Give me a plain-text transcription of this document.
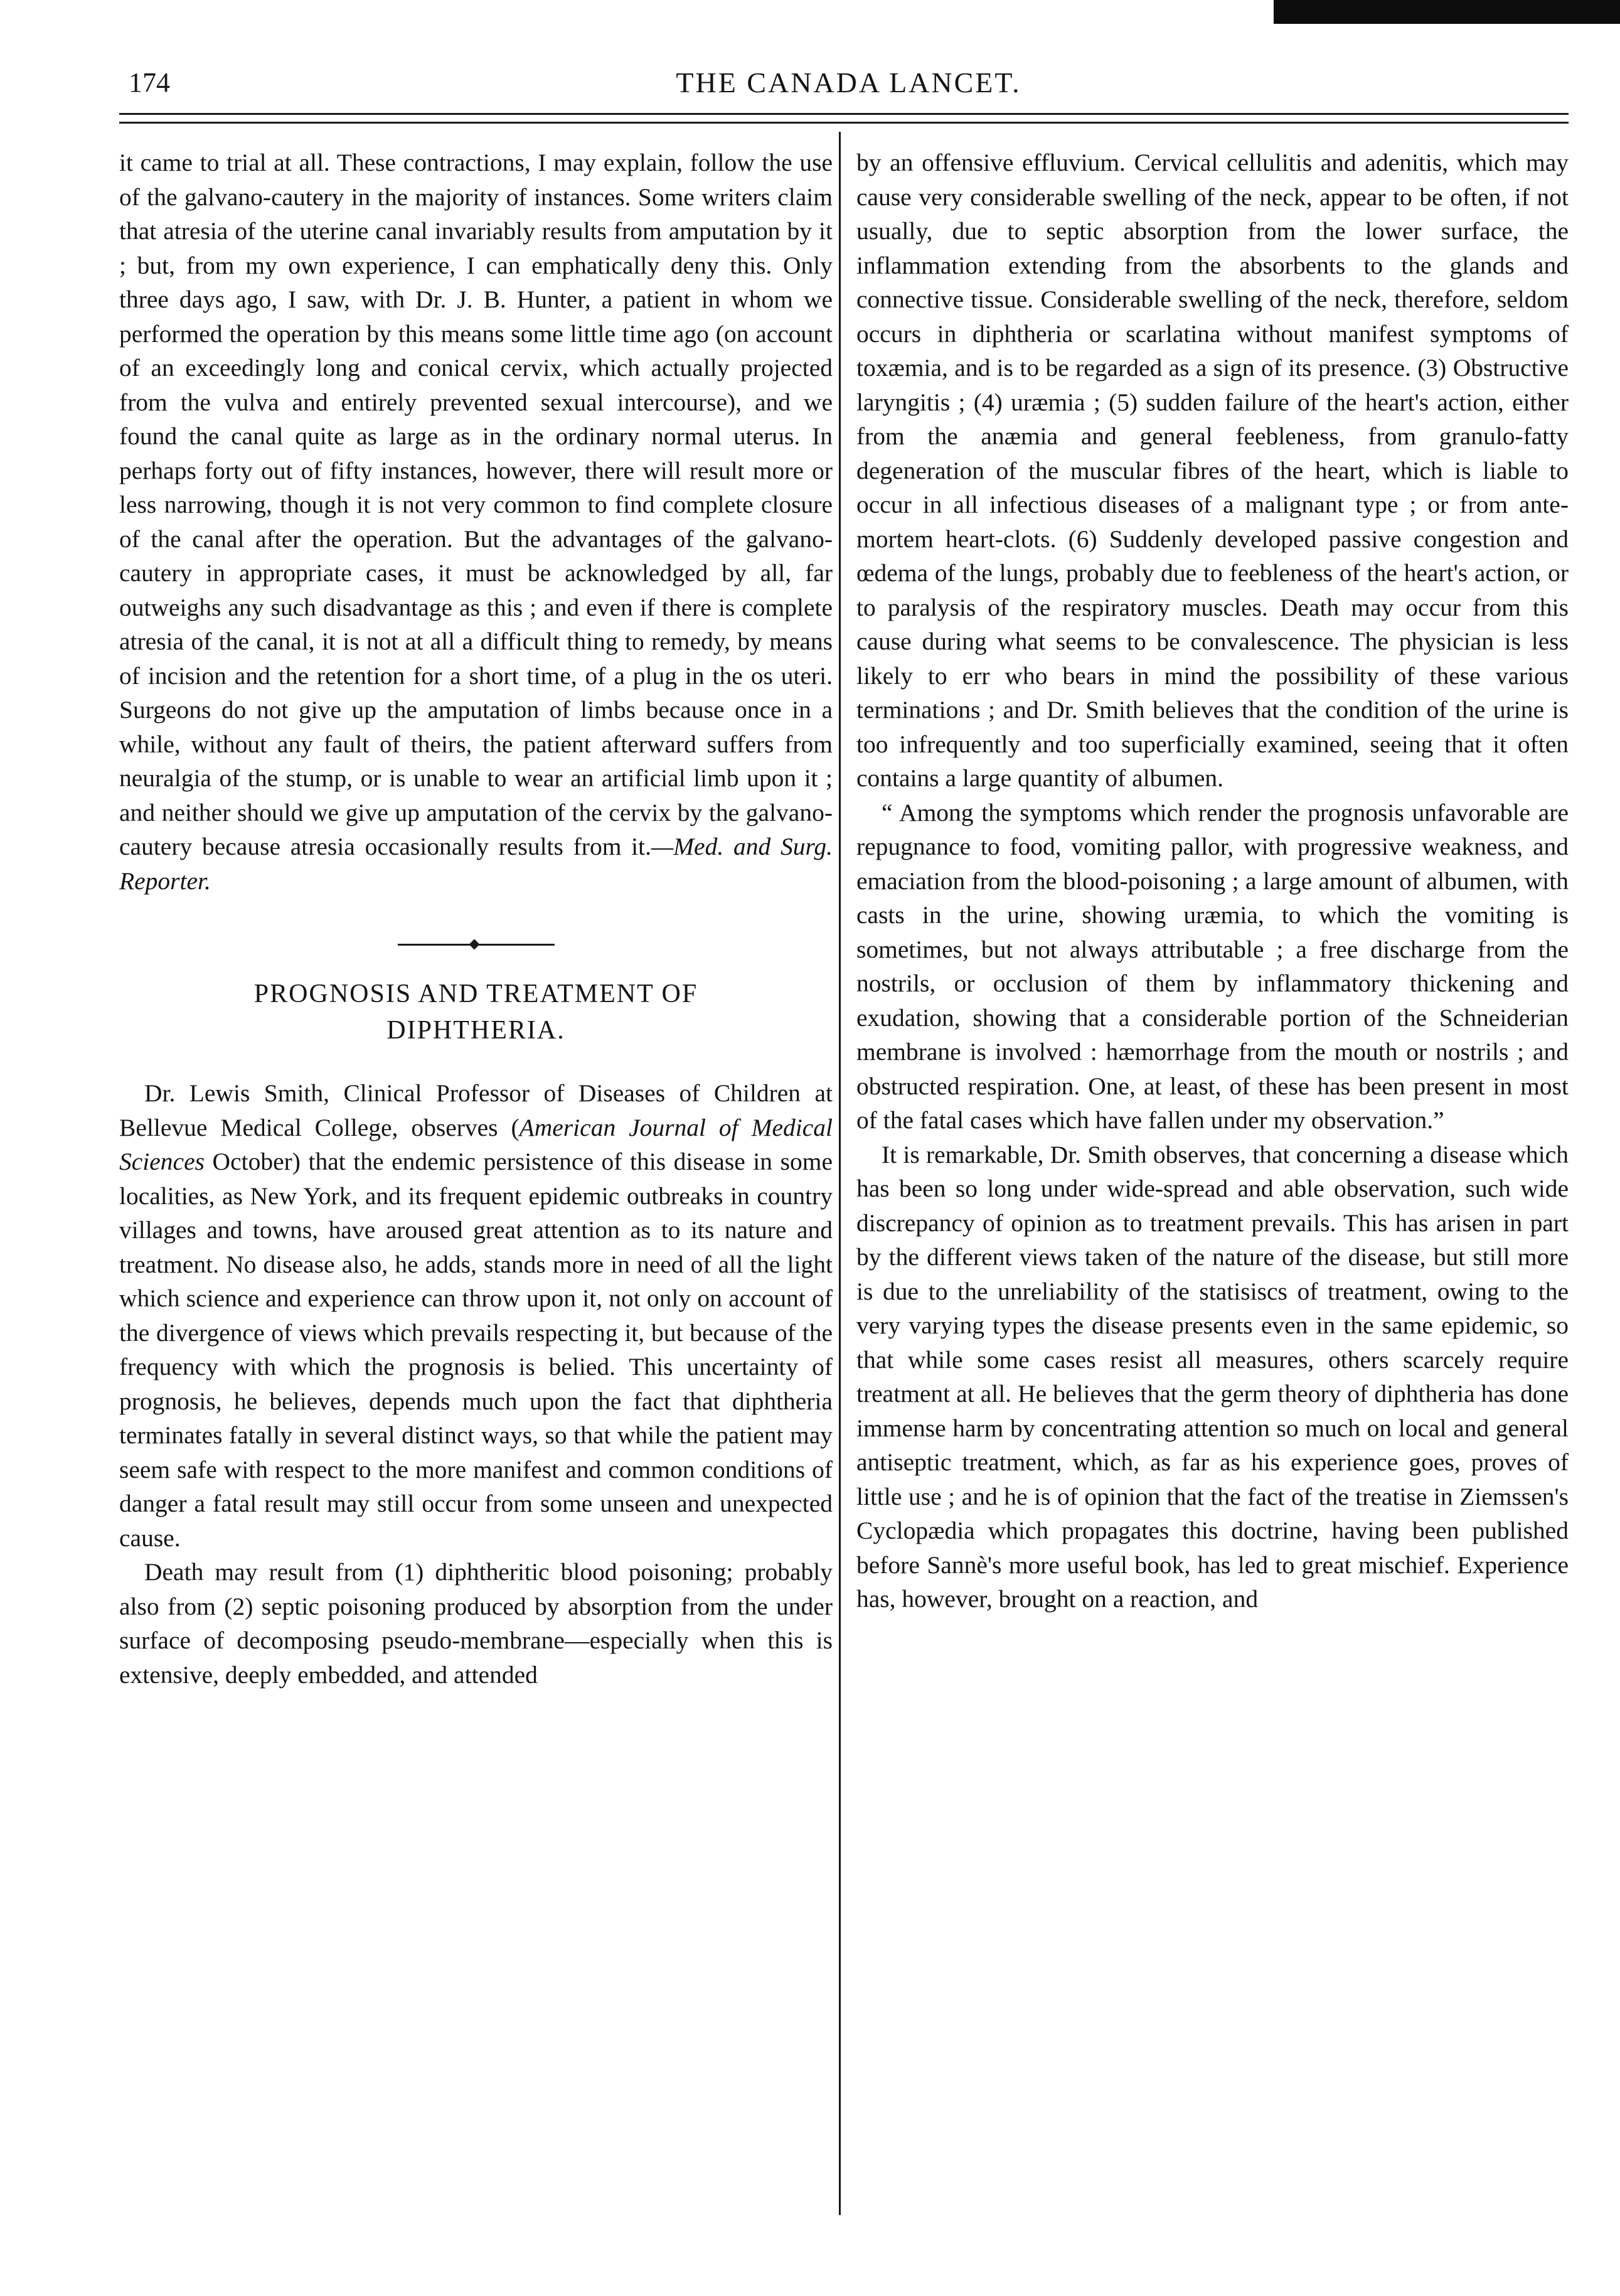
174	THE CANADA LANCET.

it came to trial at all. These contractions, I may explain, follow the use of the galvano-cautery in the majority of instances. Some writers claim that atresia of the uterine canal invariably results from amputation by it ; but, from my own experience, I can emphatically deny this. Only three days ago, I saw, with Dr. J. B. Hunter, a patient in whom we performed the operation by this means some little time ago (on account of an exceedingly long and conical cervix, which actually projected from the vulva and entirely prevented sexual intercourse), and we found the canal quite as large as in the ordinary normal uterus. In perhaps forty out of fifty instances, however, there will result more or less narrowing, though it is not very common to find complete closure of the canal after the operation. But the advantages of the galvano-cautery in appropriate cases, it must be acknowledged by all, far outweighs any such disadvantage as this ; and even if there is complete atresia of the canal, it is not at all a difficult thing to remedy, by means of incision and the retention for a short time, of a plug in the os uteri. Surgeons do not give up the amputation of limbs because once in a while, without any fault of theirs, the patient afterward suffers from neuralgia of the stump, or is unable to wear an artificial limb upon it ; and neither should we give up amputation of the cervix by the galvano-cautery because atresia occasionally results from it.—Med. and Surg. Reporter.

PROGNOSIS AND TREATMENT OF
DIPHTHERIA.

Dr. Lewis Smith, Clinical Professor of Diseases of Children at Bellevue Medical College, observes (American Journal of Medical Sciences October) that the endemic persistence of this disease in some localities, as New York, and its frequent epidemic outbreaks in country villages and towns, have aroused great attention as to its nature and treatment. No disease also, he adds, stands more in need of all the light which science and experience can throw upon it, not only on account of the divergence of views which prevails respecting it, but because of the frequency with which the prognosis is belied. This uncertainty of prognosis, he believes, depends much upon the fact that diphtheria terminates fatally in several distinct ways, so that while the patient may seem safe with respect to the more manifest and common conditions of danger a fatal result may still occur from some unseen and unexpected cause.

Death may result from (1) diphtheritic blood poisoning; probably also from (2) septic poisoning produced by absorption from the under surface of decomposing pseudo-membrane—especially when this is extensive, deeply embedded, and attended

by an offensive effluvium. Cervical cellulitis and adenitis, which may cause very considerable swelling of the neck, appear to be often, if not usually, due to septic absorption from the lower surface, the inflammation extending from the absorbents to the glands and connective tissue. Considerable swelling of the neck, therefore, seldom occurs in diphtheria or scarlatina without manifest symptoms of toxæmia, and is to be regarded as a sign of its presence. (3) Obstructive laryngitis ; (4) uræmia ; (5) sudden failure of the heart's action, either from the anæmia and general feebleness, from granulo-fatty degeneration of the muscular fibres of the heart, which is liable to occur in all infectious diseases of a malignant type ; or from ante-mortem heart-clots. (6) Suddenly developed passive congestion and œdema of the lungs, probably due to feebleness of the heart's action, or to paralysis of the respiratory muscles. Death may occur from this cause during what seems to be convalescence. The physician is less likely to err who bears in mind the possibility of these various terminations ; and Dr. Smith believes that the condition of the urine is too infrequently and too superficially examined, seeing that it often contains a large quantity of albumen.

“ Among the symptoms which render the prognosis unfavorable are repugnance to food, vomiting pallor, with progressive weakness, and emaciation from the blood-poisoning ; a large amount of albumen, with casts in the urine, showing uræmia, to which the vomiting is sometimes, but not always attributable ; a free discharge from the nostrils, or occlusion of them by inflammatory thickening and exudation, showing that a considerable portion of the Schneiderian membrane is involved : hæmorrhage from the mouth or nostrils ; and obstructed respiration. One, at least, of these has been present in most of the fatal cases which have fallen under my observation.”

It is remarkable, Dr. Smith observes, that concerning a disease which has been so long under wide-spread and able observation, such wide discrepancy of opinion as to treatment prevails. This has arisen in part by the different views taken of the nature of the disease, but still more is due to the unreliability of the statisiscs of treatment, owing to the very varying types the disease presents even in the same epidemic, so that while some cases resist all measures, others scarcely require treatment at all. He believes that the germ theory of diphtheria has done immense harm by concentrating attention so much on local and general antiseptic treatment, which, as far as his experience goes, proves of little use ; and he is of opinion that the fact of the treatise in Ziemssen's Cyclopædia which propagates this doctrine, having been published before Sannè's more useful book, has led to great mischief. Experience has, however, brought on a reaction, and
